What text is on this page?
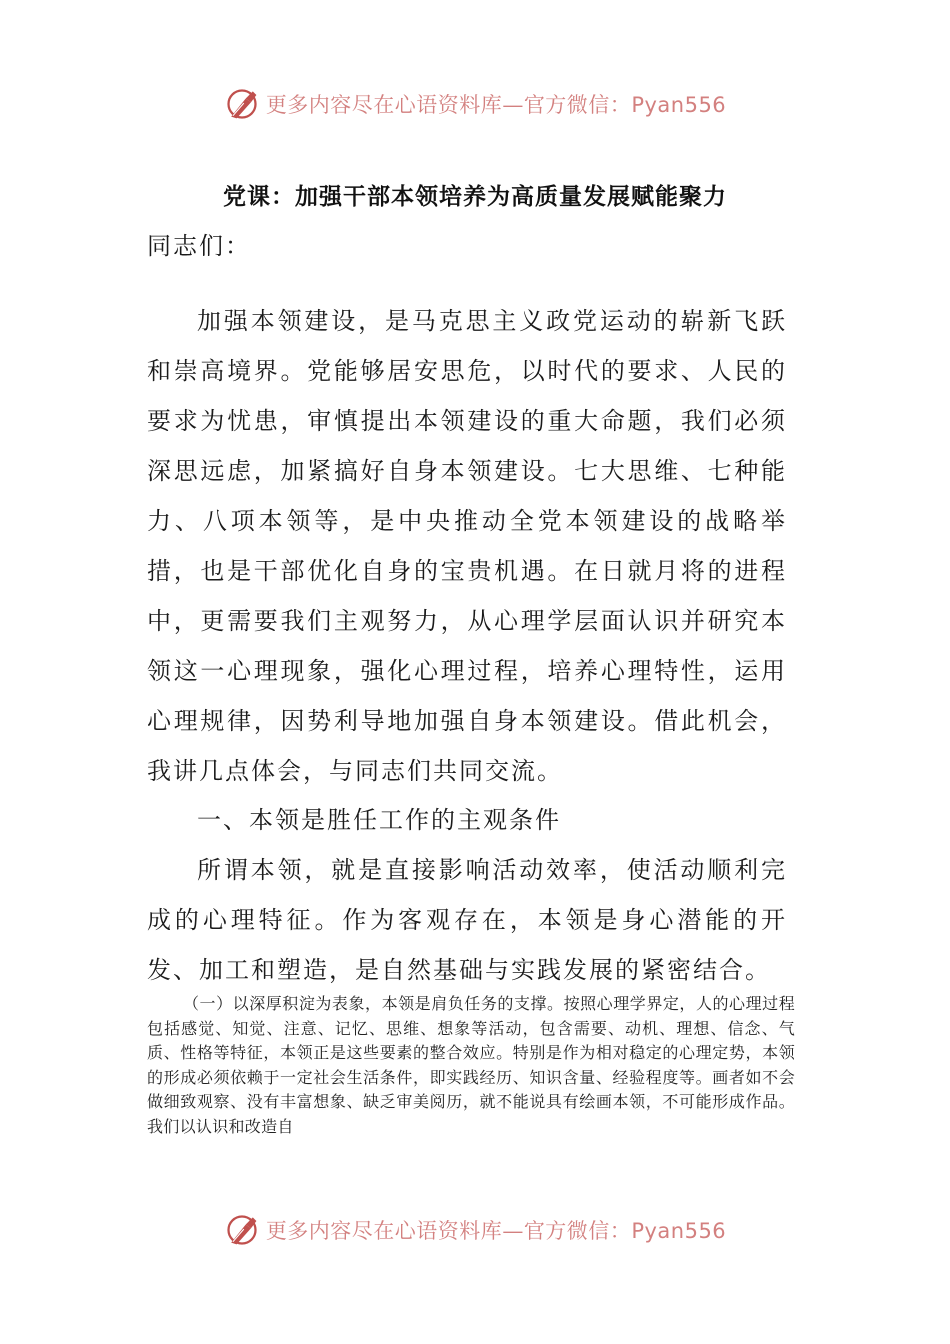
更多内容尽在心语资料库—官方微信：Pyan556
党课：加强干部本领培养为高质量发展赋能聚力
同志们：
加强本领建设，是马克思主义政党运动的崭新飞跃和崇高境界。党能够居安思危，以时代的要求、人民的要求为忧患，审慎提出本领建设的重大命题，我们必须深思远虑，加紧搞好自身本领建设。七大思维、七种能力、八项本领等，是中央推动全党本领建设的战略举措，也是干部优化自身的宝贵机遇。在日就月将的进程中，更需要我们主观努力，从心理学层面认识并研究本领这一心理现象，强化心理过程，培养心理特性，运用心理规律，因势利导地加强自身本领建设。借此机会，我讲几点体会，与同志们共同交流。
一、本领是胜任工作的主观条件
所谓本领，就是直接影响活动效率，使活动顺利完成的心理特征。作为客观存在，本领是身心潜能的开发、加工和塑造，是自然基础与实践发展的紧密结合。
（一）以深厚积淀为表象，本领是肩负任务的支撑。按照心理学界定，人的心理过程包括感觉、知觉、注意、记忆、思维、想象等活动，包含需要、动机、理想、信念、气质、性格等特征，本领正是这些要素的整合效应。特别是作为相对稳定的心理定势，本领的形成必须依赖于一定社会生活条件，即实践经历、知识含量、经验程度等。画者如不会做细致观察、没有丰富想象、缺乏审美阅历，就不能说具有绘画本领，不可能形成作品。我们以认识和改造自
更多内容尽在心语资料库—官方微信：Pyan556
